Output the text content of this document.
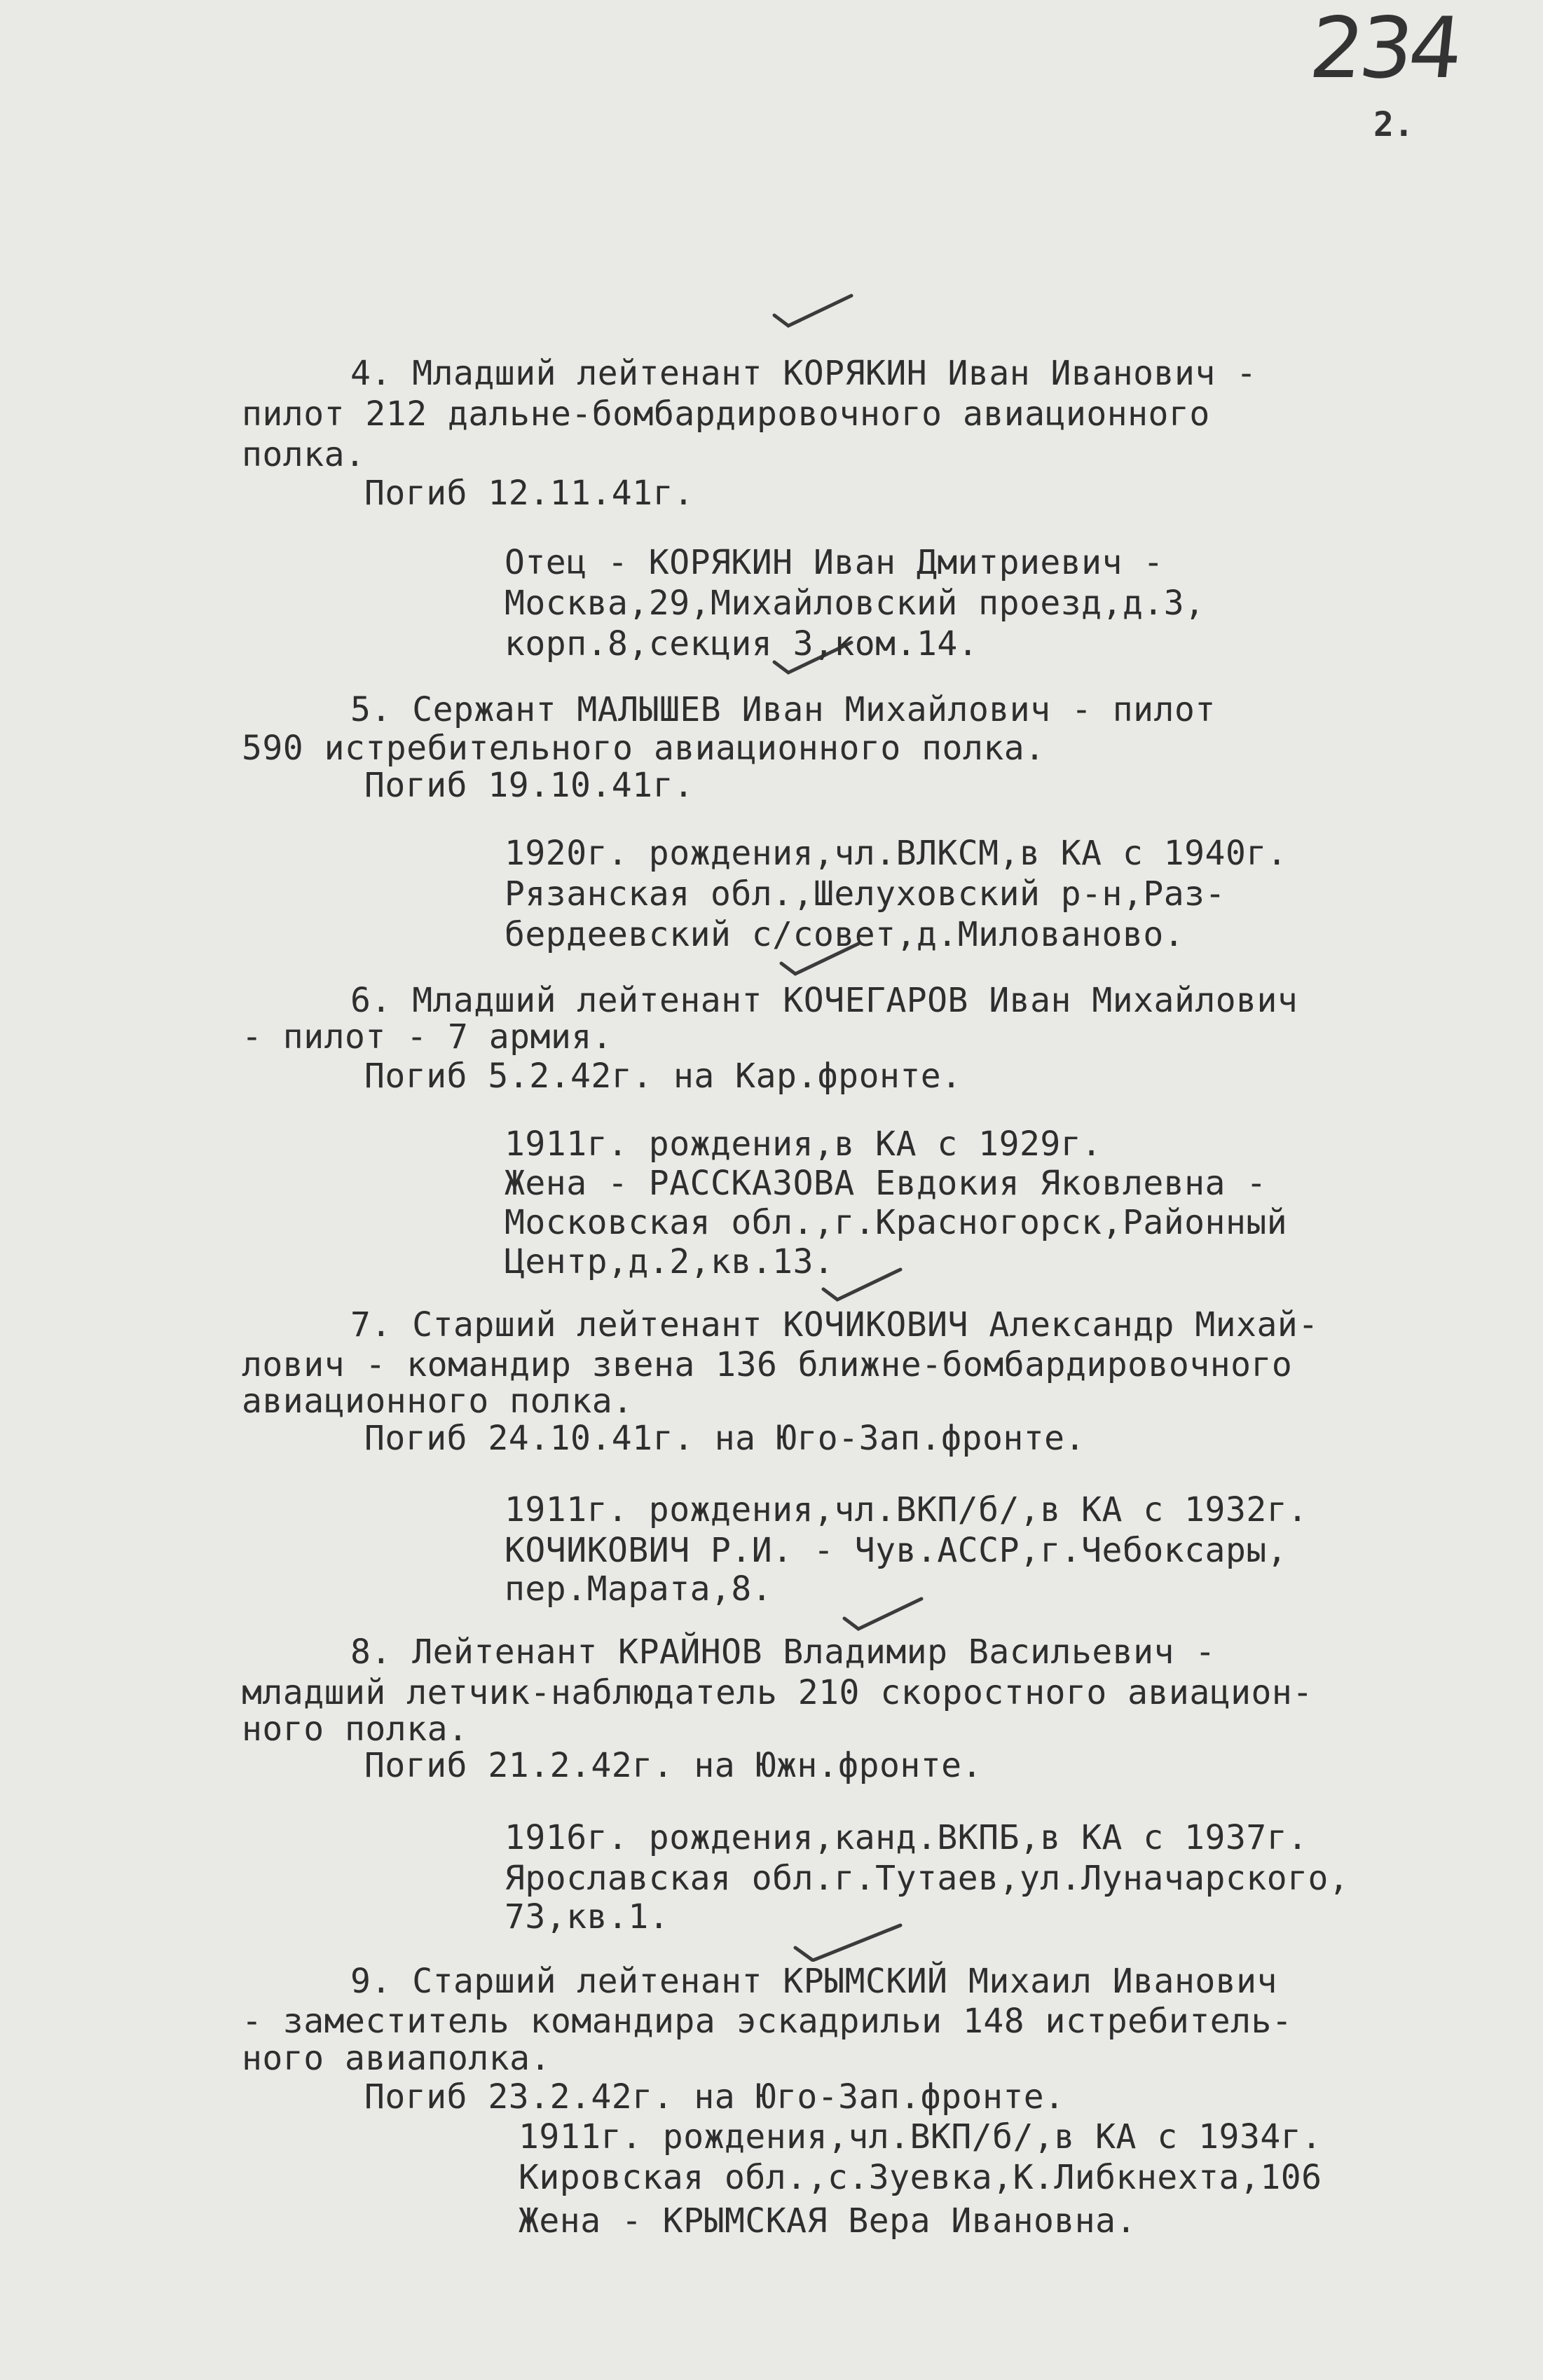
234
2.
4. Младший лейтенант КОРЯКИН Иван Иванович -
пилот 212 дальне-бомбардировочного авиационного
полка.
Погиб 12.11.41г.
Отец - КОРЯКИН Иван Дмитриевич -
Москва,29,Михайловский проезд,д.3,
корп.8,секция 3,ком.14.
5. Сержант МАЛЫШЕВ Иван Михайлович - пилот
590 истребительного авиационного полка.
Погиб 19.10.41г.
1920г. рождения,чл.ВЛКСМ,в КА с 1940г.
Рязанская обл.,Шелуховский р-н,Раз-
бердеевский с/совет,д.Милованово.
6. Младший лейтенант КОЧЕГАРОВ Иван Михайлович
- пилот - 7 армия.
Погиб 5.2.42г. на Кар.фронте.
1911г. рождения,в КА с 1929г.
Жена - РАССКАЗОВА Евдокия Яковлевна -
Московская обл.,г.Красногорск,Районный
Центр,д.2,кв.13.
7. Старший лейтенант КОЧИКОВИЧ Александр Михай-
лович - командир звена 136 ближне-бомбардировочного
авиационного полка.
Погиб 24.10.41г. на Юго-Зап.фронте.
1911г. рождения,чл.ВКП/б/,в КА с 1932г.
КОЧИКОВИЧ Р.И. - Чув.АССР,г.Чебоксары,
пер.Марата,8.
8. Лейтенант КРАЙНОВ Владимир Васильевич -
младший летчик-наблюдатель 210 скоростного авиацион-
ного полка.
Погиб 21.2.42г. на Южн.фронте.
1916г. рождения,канд.ВКПБ,в КА с 1937г.
Ярославская обл.г.Тутаев,ул.Луначарского,
73,кв.1.
9. Старший лейтенант КРЫМСКИЙ Михаил Иванович
- заместитель командира эскадрильи 148 истребитель-
ного авиаполка.
Погиб 23.2.42г. на Юго-Зап.фронте.
1911г. рождения,чл.ВКП/б/,в КА с 1934г.
Кировская обл.,с.Зуевка,К.Либкнехта,106
Жена - КРЫМСКАЯ Вера Ивановна.
